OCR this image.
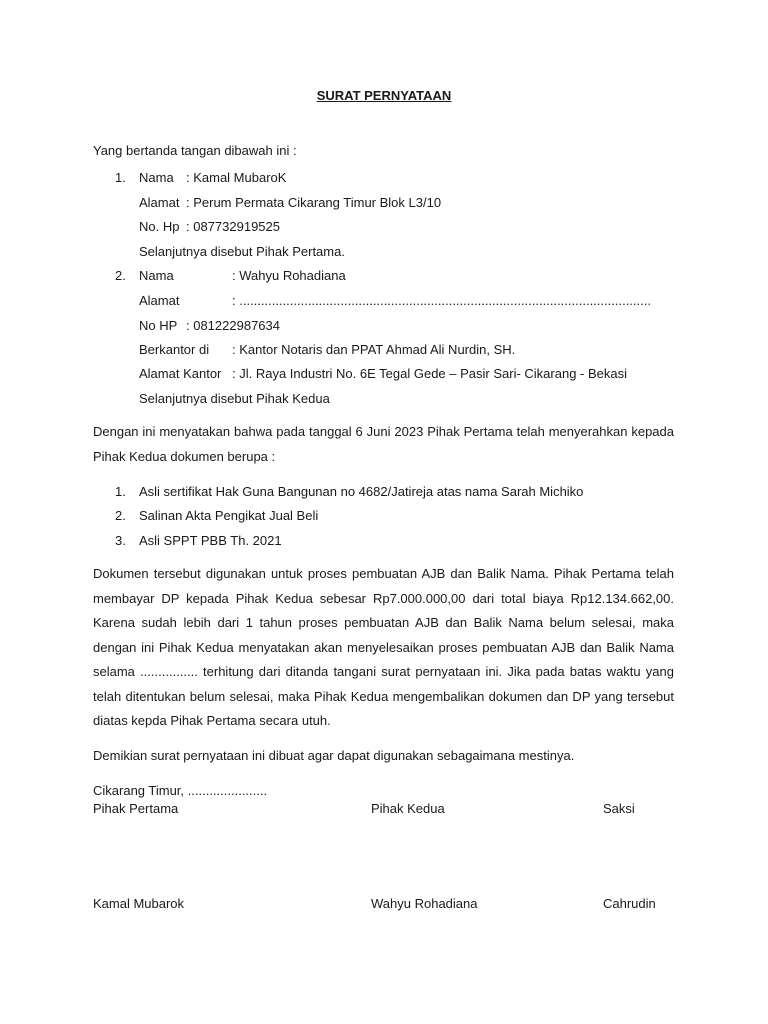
SURAT PERNYATAAN
Yang bertanda tangan dibawah ini :
1. Nama : Kamal MubaroK
Alamat : Perum Permata Cikarang Timur Blok L3/10
No. Hp : 087732919525
Selanjutnya disebut Pihak Pertama.
2. Nama	: Wahyu Rohadiana
Alamat	: ..................................................................................................................
No HP : 081222987634
Berkantor di : Kantor Notaris dan PPAT Ahmad Ali Nurdin, SH.
Alamat Kantor : Jl. Raya Industri No. 6E Tegal Gede – Pasir Sari- Cikarang - Bekasi
Selanjutnya disebut Pihak Kedua
Dengan ini menyatakan bahwa pada tanggal 6 Juni 2023 Pihak Pertama telah menyerahkan kepada Pihak Kedua dokumen berupa :
1. Asli sertifikat Hak Guna Bangunan no 4682/Jatireja atas nama Sarah Michiko
2. Salinan Akta Pengikat Jual Beli
3. Asli SPPT PBB Th. 2021
Dokumen tersebut digunakan untuk proses pembuatan AJB dan Balik Nama. Pihak Pertama telah membayar DP kepada Pihak Kedua sebesar Rp7.000.000,00 dari total biaya Rp12.134.662,00. Karena sudah lebih dari 1 tahun proses pembuatan AJB dan Balik Nama belum selesai, maka dengan ini Pihak Kedua menyatakan akan menyelesaikan proses pembuatan AJB dan Balik Nama selama ................ terhitung dari ditanda tangani surat pernyataan ini. Jika pada batas waktu yang telah ditentukan belum selesai, maka Pihak Kedua mengembalikan dokumen dan DP yang tersebut diatas kepda Pihak Pertama secara utuh.
Demikian surat pernyataan ini dibuat agar dapat digunakan sebagaimana mestinya.
Cikarang Timur, ......................
Pihak Pertama	Pihak Kedua	Saksi
Kamal Mubarok	Wahyu Rohadiana	Cahrudin
